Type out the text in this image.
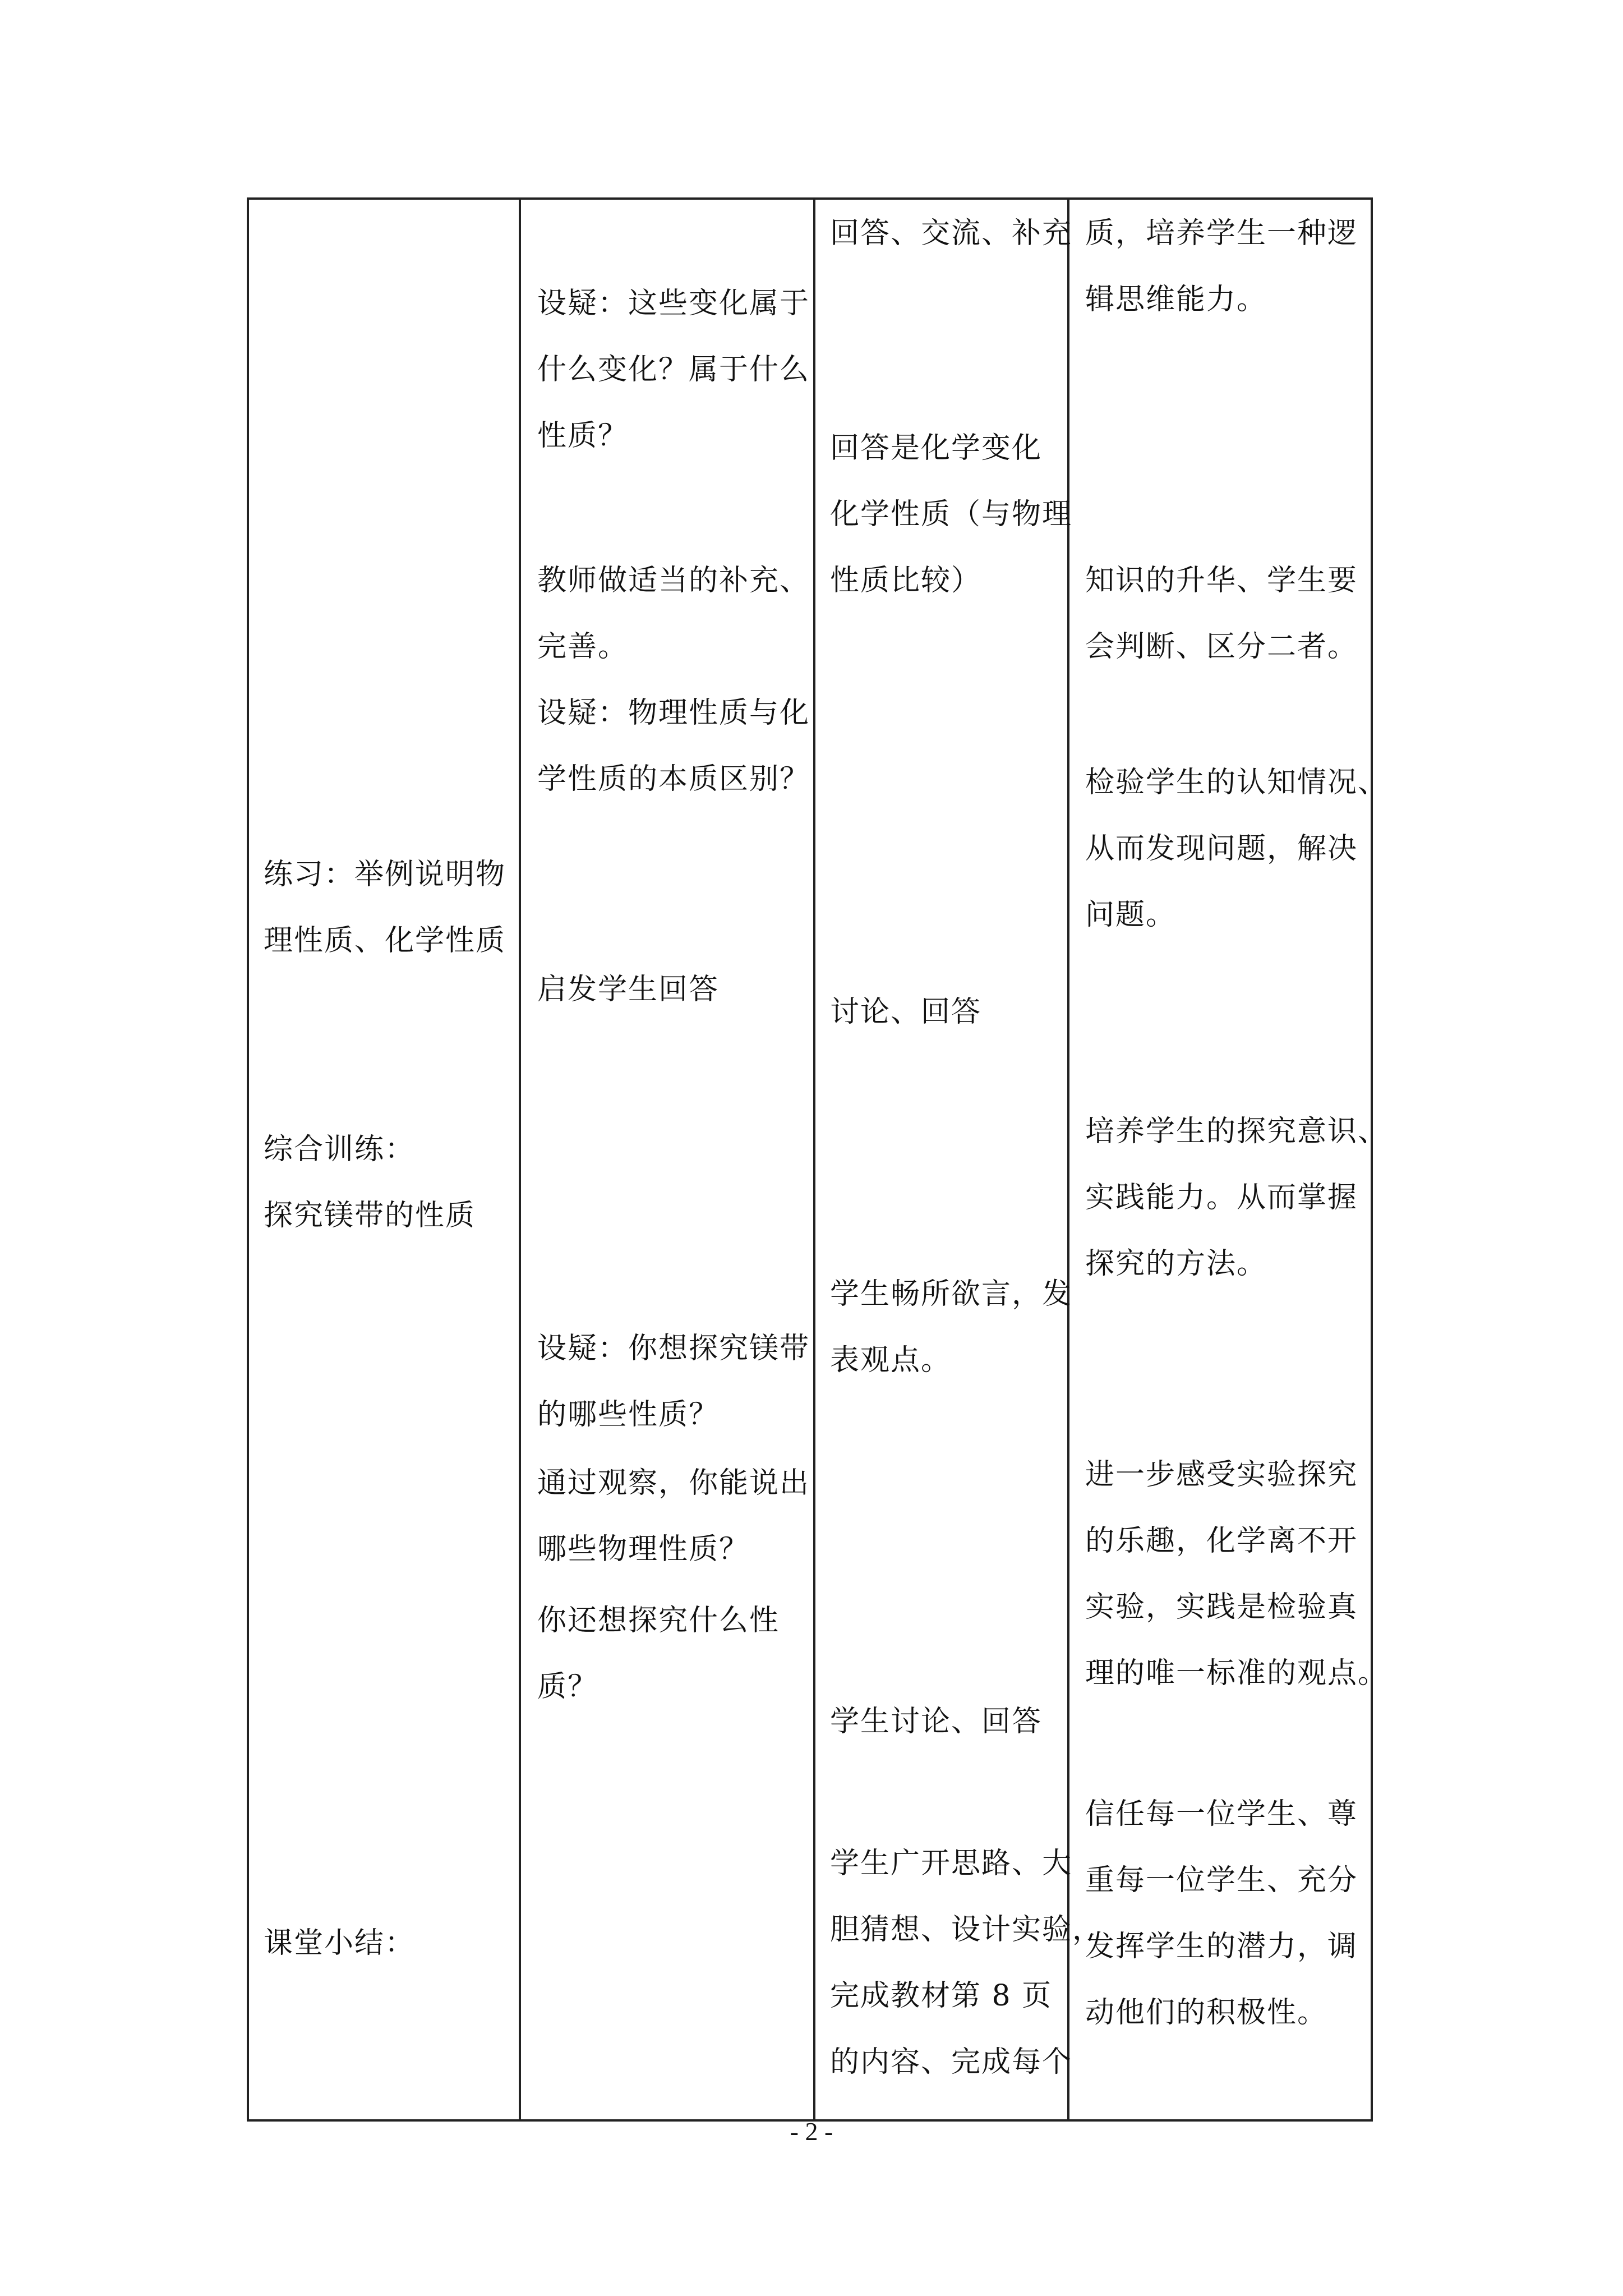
练习：举例说明物
理性质、化学性质
综合训练：
探究镁带的性质
课堂小结：
设疑：这些变化属于
什么变化？属于什么
性质？
教师做适当的补充、
完善。
设疑：物理性质与化
学性质的本质区别？
启发学生回答
设疑：你想探究镁带
的哪些性质？
通过观察，你能说出
哪些物理性质？
你还想探究什么性
质？
回答、交流、补充
回答是化学变化
化学性质（与物理
性质比较）
讨论、回答
学生畅所欲言，发
表观点。
学生讨论、回答
学生广开思路、大
胆猜想、设计实验，
完成教材第 8 页
的内容、完成每个
质，培养学生一种逻
辑思维能力。
知识的升华、学生要
会判断、区分二者。
检验学生的认知情况、
从而发现问题，解决
问题。
培养学生的探究意识、
实践能力。从而掌握
探究的方法。
进一步感受实验探究
的乐趣，化学离不开
实验，实践是检验真
理的唯一标准的观点。
信任每一位学生、尊
重每一位学生、充分
发挥学生的潜力，调
动他们的积极性。
- 2 -
